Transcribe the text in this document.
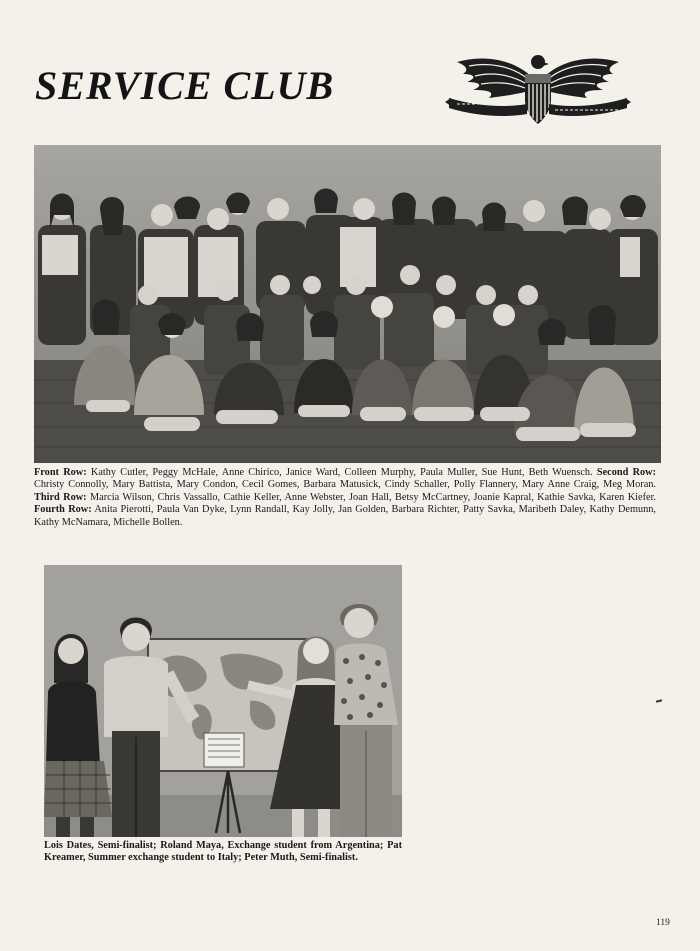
SERVICE CLUB

Front Row: Kathy Cutler, Peggy McHale, Anne Chirico, Janice Ward, Colleen Murphy, Paula Muller, Sue Hunt, Beth Wuensch. Second Row: Christy Connolly, Mary Battista, Mary Condon, Cecil Gomes, Barbara Matusick, Cindy Schaller, Polly Flannery, Mary Anne Craig, Meg Moran. Third Row: Marcia Wilson, Chris Vassallo, Cathie Keller, Anne Webster, Joan Hall, Betsy McCartney, Joanie Kapral, Kathie Savka, Karen Kiefer. Fourth Row: Anita Pierotti, Paula Van Dyke, Lynn Randall, Kay Jolly, Jan Golden, Barbara Richter, Patty Savka, Maribeth Daley, Kathy Demunn, Kathy McNamara, Michelle Bollen.

Lois Dates, Semi-finalist; Roland Maya, Exchange student from Argentina; Pat Kreamer, Summer exchange student to Italy; Peter Muth, Semi-finalist.

119
